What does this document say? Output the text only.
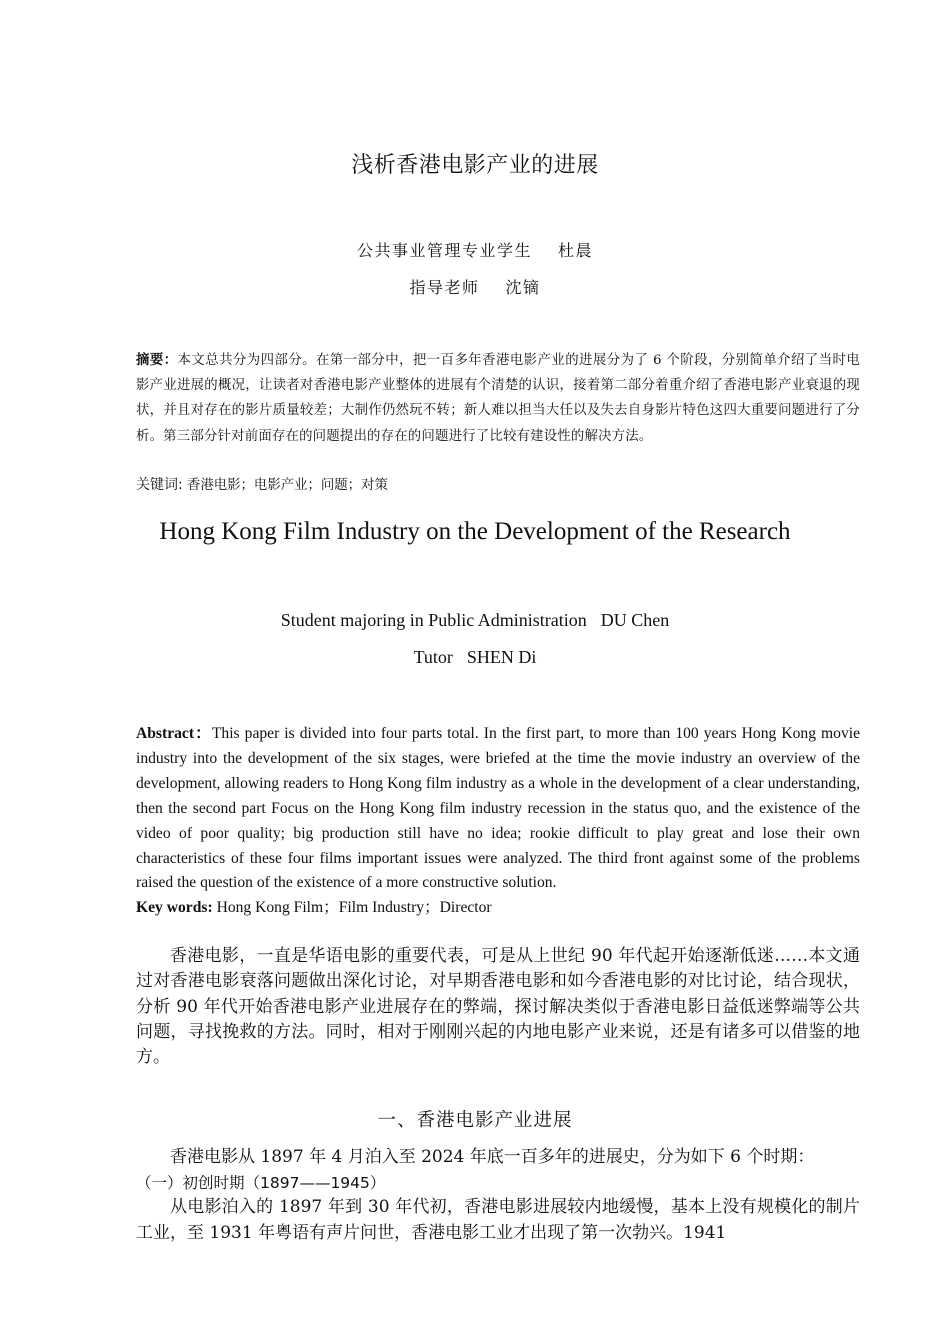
浅析香港电影产业的进展
公共事业管理专业学生 杜晨
指导老师 沈镝
摘要：本文总共分为四部分。在第一部分中，把一百多年香港电影产业的进展分为了 6 个阶段，分别简单介绍了当时电影产业进展的概况，让读者对香港电影产业整体的进展有个清楚的认识，接着第二部分着重介绍了香港电影产业衰退的现状，并且对存在的影片质量较差；大制作仍然玩不转；新人难以担当大任以及失去自身影片特色这四大重要问题进行了分析。第三部分针对前面存在的问题提出的存在的问题进行了比较有建设性的解决方法。
关键词: 香港电影；电影产业；问题；对策
Hong Kong Film Industry on the Development of the Research
Student majoring in Public Administration DU Chen
Tutor SHEN Di
Abstract：This paper is divided into four parts total. In the first part, to more than 100 years Hong Kong movie industry into the development of the six stages, were briefed at the time the movie industry an overview of the development, allowing readers to Hong Kong film industry as a whole in the development of a clear understanding, then the second part Focus on the Hong Kong film industry recession in the status quo, and the existence of the video of poor quality; big production still have no idea; rookie difficult to play great and lose their own characteristics of these four films important issues were analyzed. The third front against some of the problems raised the question of the existence of a more constructive solution.
Key words: Hong Kong Film；Film Industry；Director
香港电影，一直是华语电影的重要代表，可是从上世纪 90 年代起开始逐渐低迷……本文通过对香港电影衰落问题做出深化讨论，对早期香港电影和如今香港电影的对比讨论，结合现状，分析 90 年代开始香港电影产业进展存在的弊端，探讨解决类似于香港电影日益低迷弊端等公共问题，寻找挽救的方法。同时，相对于刚刚兴起的内地电影产业来说，还是有诸多可以借鉴的地方。
一、香港电影产业进展
香港电影从 1897 年 4 月泊入至 2024 年底一百多年的进展史，分为如下 6 个时期：
（一）初创时期（1897——1945）
从电影泊入的 1897 年到 30 年代初，香港电影进展较内地缓慢，基本上没有规模化的制片工业，至 1931 年粤语有声片问世，香港电影工业才出现了第一次勃兴。1941
